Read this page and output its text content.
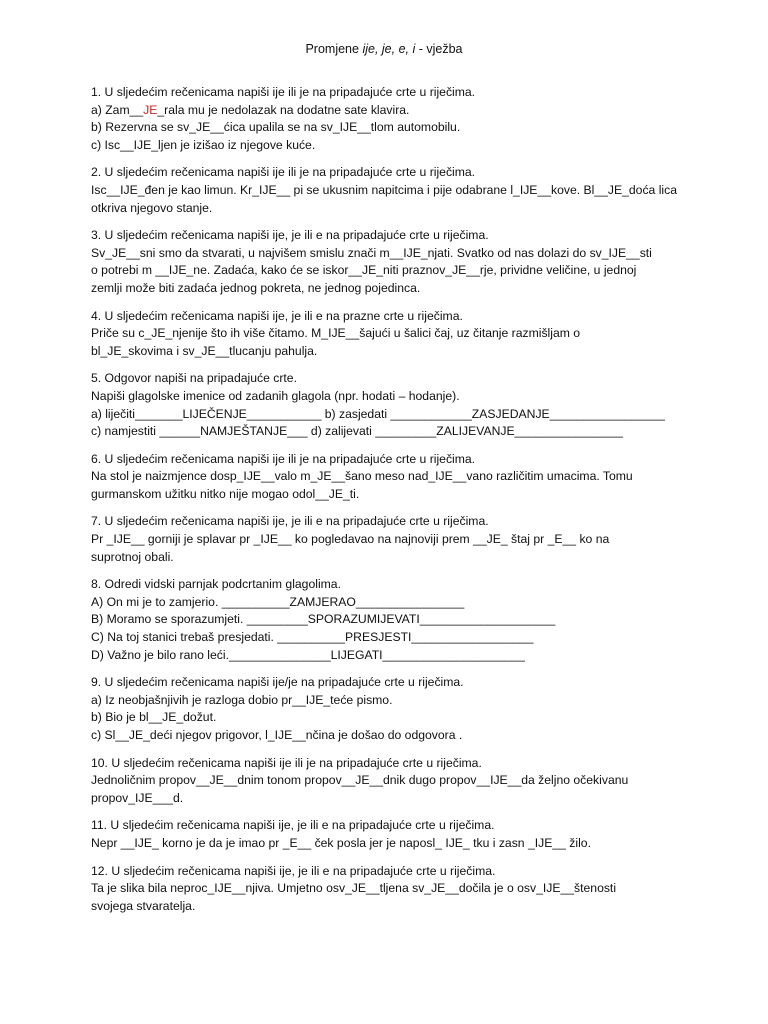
Promjene ije, je, e, i - vježba
1. U sljedećim rečenicama napiši ije ili je na pripadajuće crte u riječima.
a) Zam__JE_rala mu je nedolazak na dodatne sate klavira.
b) Rezervna se sv_JE__ćica upalila se na sv_IJE__tlom automobilu.
c) Isc__IJE_ljen je izišao iz njegove kuće.
2. U sljedećim rečenicama napiši ije ili je na pripadajuće crte u riječima.
Isc__IJE_đen je kao limun. Kr_IJE__ pi se ukusnim napitcima i pije odabrane l_IJE__kove. Bl__JE_doća lica otkriva njegovo stanje.
3. U sljedećim rečenicama napiši ije, je ili e na pripadajuće crte u riječima.
Sv_JE__sni smo da stvarati, u najvišem smislu znači m__IJE_njati. Svatko od nas dolazi do sv_IJE__sti
o potrebi m __IJE_ne. Zadaća, kako će se iskor__JE_niti praznov_JE__rje, prividne veličine, u jednoj
zemlji može biti zadaća jednog pokreta, ne jednog pojedinca.
4. U sljedećim rečenicama napiši ije, je ili e na prazne crte u riječima.
Priče su c_JE_njenije što ih više čitamo. M_IJE__šajući u šalici čaj, uz čitanje razmišljam o
bl_JE_skovima i sv_JE__tlucanju pahulja.
5. Odgovor napiši na pripadajuće crte.
Napiši glagolske imenice od zadanih glagola (npr. hodati – hodanje).
a) liječiti_______LIJEČENJE___________ b) zasjedati ____________ZASJEDANJE_________________
c) namjestiti ______NAMJEŠTANJE___ d) zalijevati _________ZALIJEVANJE________________
6. U sljedećim rečenicama napiši ije ili je na pripadajuće crte u riječima.
Na stol je naizmjence dosp_IJE__valo m_JE__šano meso nad_IJE__vano različitim umacima. Tomu
gurmanskom užitku nitko nije mogao odol__JE_ti.
7. U sljedećim rečenicama napiši ije, je ili e na pripadajuće crte u riječima.
Pr _IJE__ gorniji je splavar pr _IJE__ ko pogledavao na najnoviji prem __JE_ štaj pr _E__ ko na
suprotnoj obali.
8. Odredi vidski parnjak podcrtanim glagolima.
A) On mi je to zamjerio. __________ZAMJERAO________________
B) Moramo se sporazumjeti. _________SPORAZUMIJEVATI____________________
C) Na toj stanici trebaš presjedati. __________PRESJESTI__________________
D) Važno je bilo rano leći._______________LIJEGATI_____________________
9. U sljedećim rečenicama napiši ije/je na pripadajuće crte u riječima.
a) Iz neobjašnjivih je razloga dobio pr__IJE_teće pismo.
b) Bio je bl__JE_dožut.
c) Sl__JE_deći njegov prigovor, l_IJE__nčina je došao do odgovora .
10. U sljedećim rečenicama napiši ije ili je na pripadajuće crte u riječima.
Jednoličnim propov__JE__dnim tonom propov__JE__dnik dugo propov__IJE__da željno očekivanu
propov_IJE___d.
11. U sljedećim rečenicama napiši ije, je ili e na pripadajuće crte u riječima.
Nepr __IJE_ korno je da je imao pr _E__ ček posla jer je naposl_ IJE_ tku i zasn _IJE__ žilo.
12. U sljedećim rečenicama napiši ije, je ili e na pripadajuće crte u riječima.
Ta je slika bila neproc_IJE__njiva. Umjetno osv_JE__tljena sv_JE__dočila je o osv_IJE__štenosti
svojega stvaratelja.
